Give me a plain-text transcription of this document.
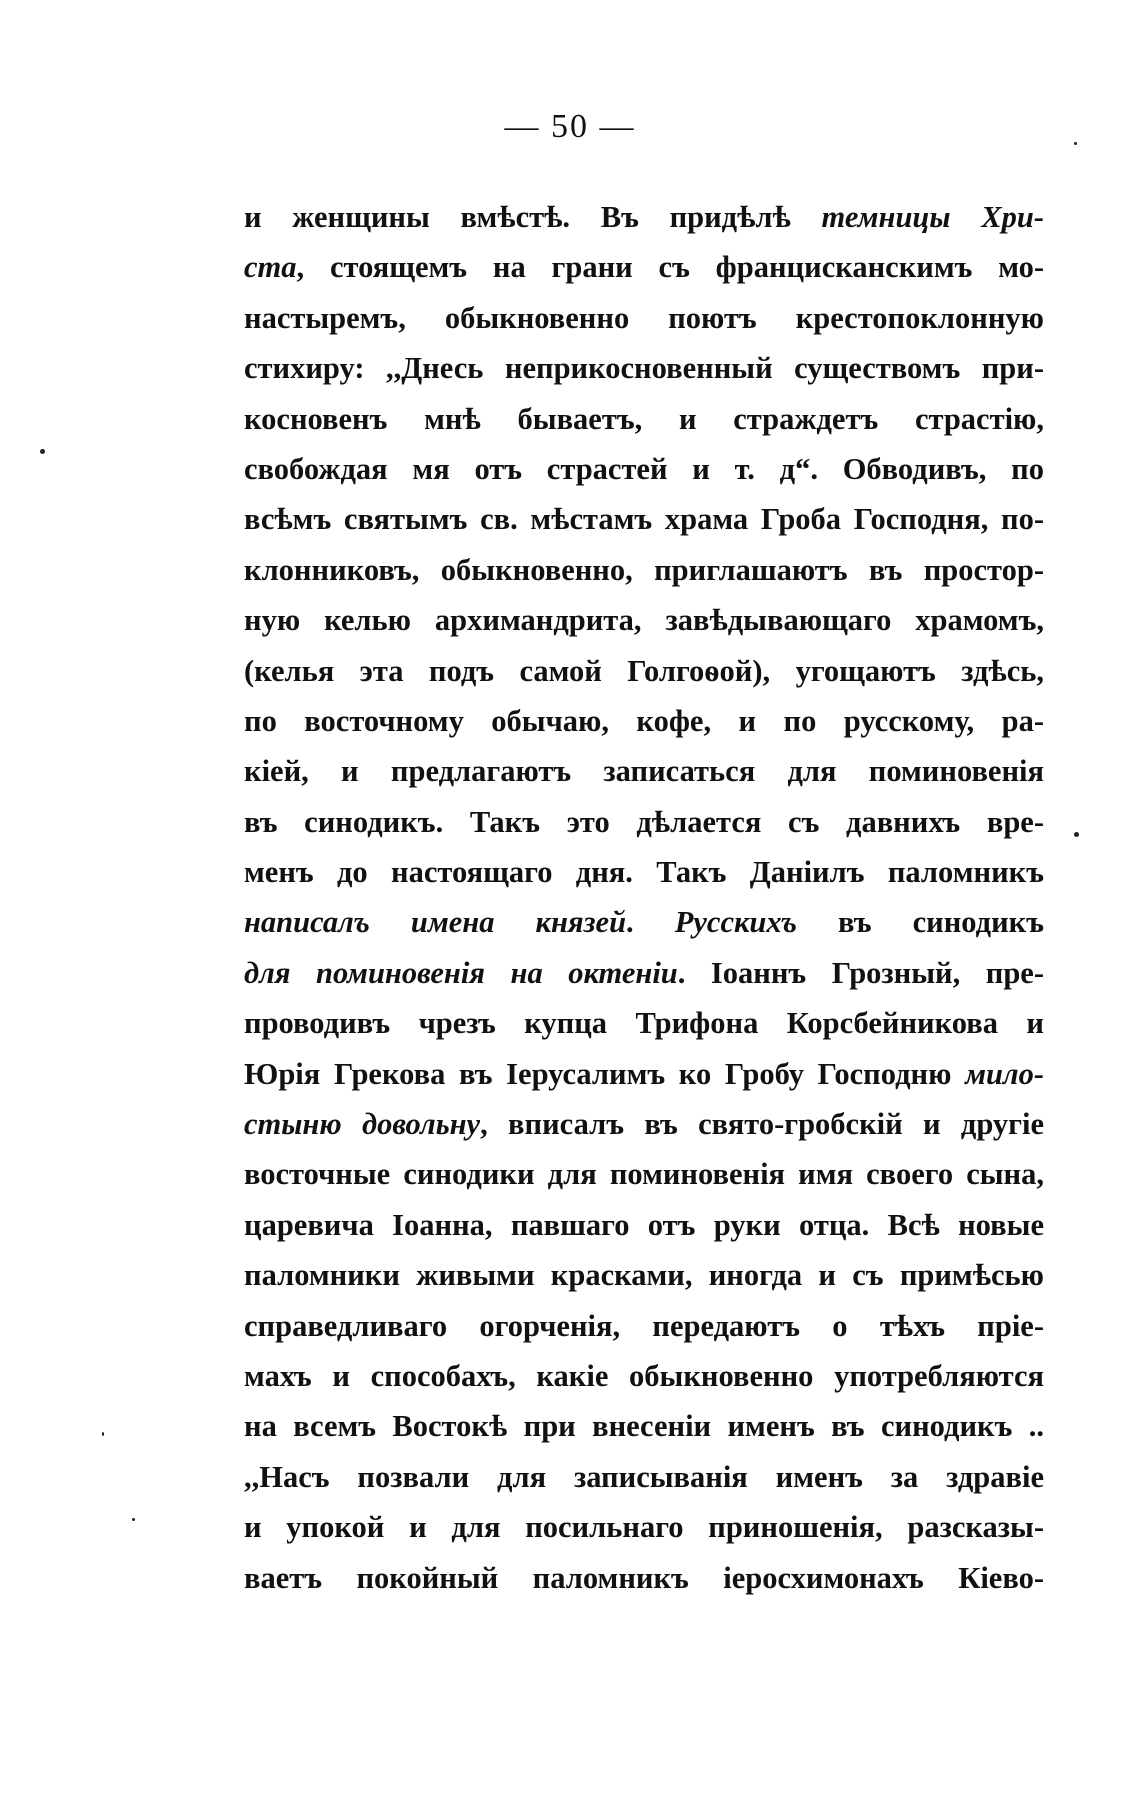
— 50 —
и женщины вмѣстѣ. Въ придѣлѣ темницы Хри-
ста, стоящемъ на грани съ францисканскимъ мо-
настыремъ, обыкновенно поютъ крестопоклонную
стихиру: ,,Днесь неприкосновенный существомъ при-
косновенъ мнѣ бываетъ, и страждетъ страстію,
свобождая мя отъ страстей и т. д“. Обводивъ, по
всѣмъ святымъ св. мѣстамъ храма Гроба Господня, по-
клонниковъ, обыкновенно, приглашаютъ въ простор-
ную келью архимандрита, завѣдывающаго храмомъ,
(келья эта подъ самой Голгоѳой), угощаютъ здѣсь,
по восточному обычаю, кофе, и по русскому, ра-
кіей, и предлагаютъ записаться для поминовенія
въ синодикъ. Такъ это дѣлается съ давнихъ вре-
менъ до настоящаго дня. Такъ Даніилъ паломникъ
написалъ имена князей. Русскихъ въ синодикъ
для поминовенія на октеніи. Іоаннъ Грозный, пре-
проводивъ чрезъ купца Трифона Корсбейникова и
Юрія Грекова въ Іерусалимъ ко Гробу Господню мило-
стыню довольну, вписалъ въ свято-гробскій и другіе
восточные синодики для поминовенія имя своего сына,
царевича Іоанна, павшаго отъ руки отца. Всѣ новые
паломники живыми красками, иногда и съ примѣсью
справедливаго огорченія, передаютъ о тѣхъ пріе-
махъ и способахъ, какіе обыкновенно употребляются
на всемъ Востокѣ при внесеніи именъ въ синодикъ ..
,,Насъ позвали для записыванія именъ за здравіе
и упокой и для посильнаго приношенія, разсказы-
ваетъ покойный паломникъ іеросхимонахъ Кіево-
